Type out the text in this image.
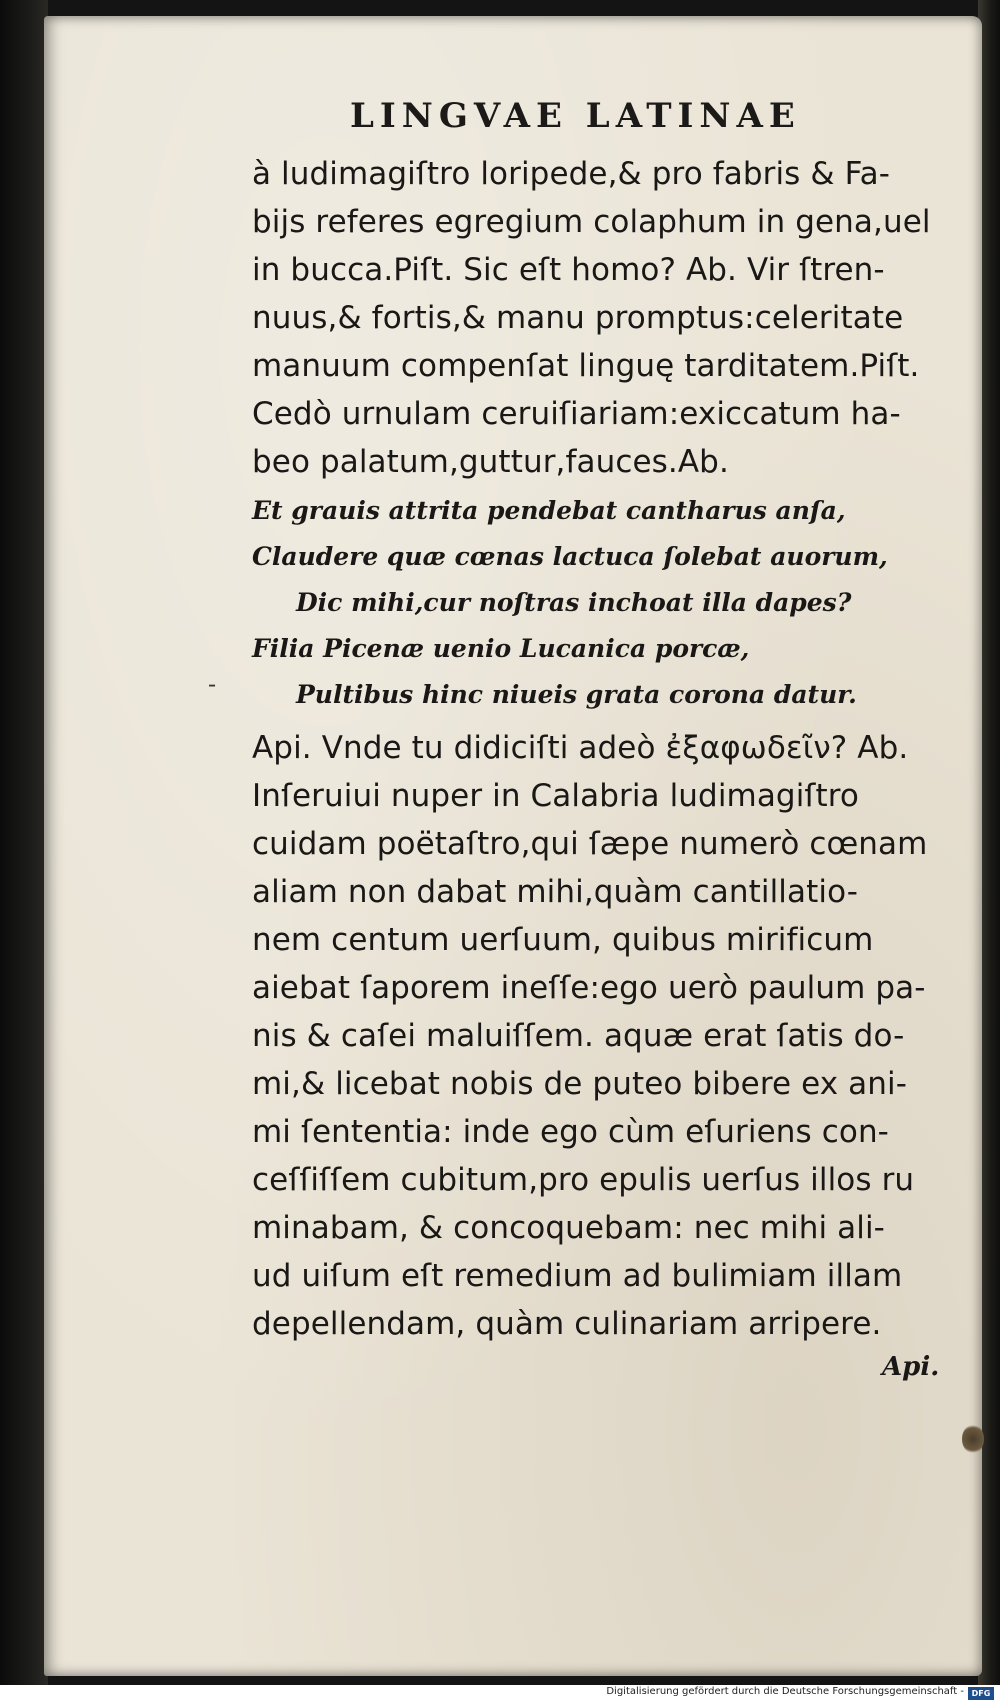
LINGVAE LATINAE
-
à ludimagiſtro loripede,& pro fabris & Fa-
bijs referes egregium colaphum in gena,uel
in bucca.Piſt. Sic eſt homo? Ab. Vir ſtren-
nuus,& fortis,& manu promptus:celeritate
manuum compenſat linguę tarditatem.Piſt.
Cedò urnulam ceruiſiariam:exiccatum ha-
beo palatum,guttur,fauces.Ab.
Et grauis attrita pendebat cantharus anſa,
Claudere quæ cœnas lactuca ſolebat auorum,
Dic mihi,cur noſtras inchoat illa dapes?
Filia Picenæ uenio Lucanica porcæ,
Pultibus hinc niueis grata corona datur.
Api. Vnde tu didiciſti adeò ἐξαφωδεῖν? Ab.
Inſeruiui nuper in Calabria ludimagiſtro
cuidam poëtaſtro,qui ſæpe numerò cœnam
aliam non dabat mihi,quàm cantillatio-
nem centum uerſuum, quibus mirificum
aiebat ſaporem ineſſe:ego uerò paulum pa-
nis & caſei maluiſſem. aquæ erat ſatis do-
mi,& licebat nobis de puteo bibere ex ani-
mi ſententia: inde ego cùm eſuriens con-
ceſſiſſem cubitum,pro epulis uerſus illos ru
minabam, & concoquebam: nec mihi ali-
ud uiſum eſt remedium ad bulimiam illam
depellendam, quàm culinariam arripere.
Api.
Digitalisierung gefördert durch die Deutsche Forschungsgemeinschaft - DFG
